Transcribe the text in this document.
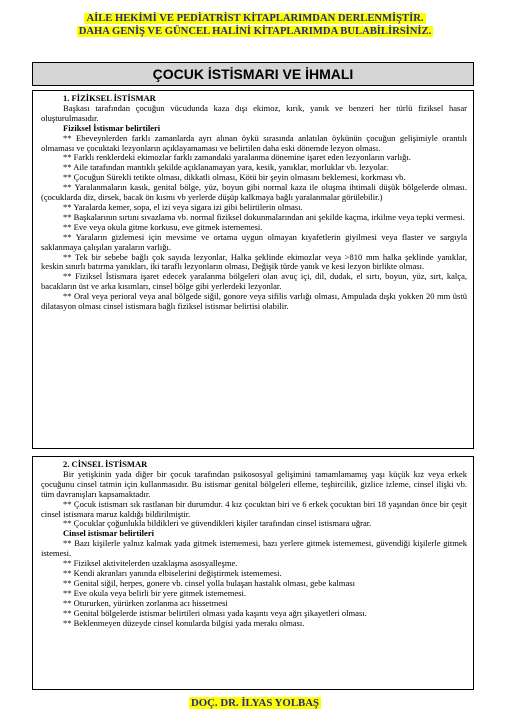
AİLE HEKİMİ VE PEDİATRİST KİTAPLARIMDAN DERLENMİŞTİR.
DAHA GENİŞ VE GÜNCEL HALİNİ KİTAPLARIMDA BULABİLİRSİNİZ.
ÇOCUK İSTİSMARI VE İHMALI

1. FİZİKSEL İSTİSMAR

Başkası tarafından çocuğun vücudunda kaza dışı ekimoz, kırık, yanık ve benzeri her türlü fiziksel hasar oluşturulmasıdır.

Fiziksel İstismar belirtileri

** Ebeveynlerden farklı zamanlarda ayrı alınan öykü sırasında anlatılan öykünün çocuğun gelişimiyle orantılı olmaması ve çocuktaki lezyonların açıklayamaması ve belirtilen daha eski dönemde lezyon olması.

** Farklı renklerdeki ekimozlar farklı zamandaki yaralanma dönemine işaret eden lezyonların varlığı.

** Aile tarafından mantıklı şekilde açıklanamayan yara, kesik, yanıklar, morluklar vb. lezyolar.

** Çocuğun Sürekli tetikte olması, dikkatli olması, Kötü bir şeyin olmasını beklemesi, korkması vb.

** Yaralanmaların kasık, genital bölge, yüz, boyun gibi normal kaza ile oluşma ihtimali düşük bölgelerde olması. (çocuklarda diz, dirsek, bacak ön kısmı vb yerlerde düşüp kalkmaya bağlı yaralanmalar görülebilir.)

** Yaralarda kemer, sopa, el izi veya sigara izi gibi belirtilerin olması.

** Başkalarının sırtını sıvazlama vb. normal fiziksel dokunmalarından ani şekilde kaçma, irkilme veya tepki vermesi.

** Eve veya okula gitme korkusu, eve gitmek istememesi.

** Yaraların gizlemesi için mevsime ve ortama uygun olmayan kıyafetlerin giyilmesi veya flaster ve sargıyla saklanmaya çalışılan yaraların varlığı.

** Tek bir sebebe bağlı çok sayıda lezyonlar, Halka şeklinde ekimozlar veya >810 mm halka şeklinde yanıklar, keskin sınırlı batırma yanıkları, iki taraflı lezyonların olması, Değişik türde yanık ve kesi lezyon birlikte olması.

** Fiziksel İstismara işaret edecek yaralanma bölgeleri olan avuç içi, dil, dudak, el sırtı, boyun, yüz, sırt, kalça, bacakların üst ve arka kısımları, cinsel bölge gibi yerlerdeki lezyonlar.

** Oral veya perioral veya anal bölgede siğil, gonore veya sifilis varlığı olması, Ampulada dışkı yokken 20 mm üstü dilatasyon olması cinsel istismara bağlı fiziksel istismar belirtisi olabilir.

2. CİNSEL İSTİSMAR

Bir yetişkinin yada diğer bir çocuk tarafından psikososyal gelişimini tamamlamamış yaşı küçük kız veya erkek çocuğunu cinsel tatmin için kullanmasıdır. Bu istismar genital bölgeleri elleme, teşhircilik, gizlice izleme, cinsel ilişki vb. tüm davranışları kapsamaktadır.

** Çocuk istismarı sık rastlanan bir durumdur. 4 kız çocuktan biri ve 6 erkek çocuktan biri 18 yaşından önce bir çeşit cinsel istismara maruz kaldığı bildirilmiştir.

** Çocuklar çoğunlukla bildikleri ve güvendikleri kişiler tarafından cinsel istismara uğrar.

Cinsel istismar belirtileri

** Bazı kişilerle yalnız kalmak yada gitmek istememesi, bazı yerlere gitmek istememesi, güvendiği kişilerle gitmek istemesi.

** Fiziksel aktivitelerden uzaklaşma asosyalleşme.

** Kendi akranları yanında elbiselerini değiştirmek istememesi.

** Genital siğil, herpes, gonere vb. cinsel yolla bulaşan hastalık olması, gebe kalması

** Eve okula veya belirli bir yere gitmek istememesi.

** Otururken, yürürken zorlanma acı hissetmesi

** Genital bölgelerde istismar belirtileri olması yada kaşıntı veya ağrı şikayetleri olması.

** Beklenmeyen düzeyde cinsel konularda bilgisi yada merakı olması.

DOÇ. DR. İLYAS YOLBAŞ
